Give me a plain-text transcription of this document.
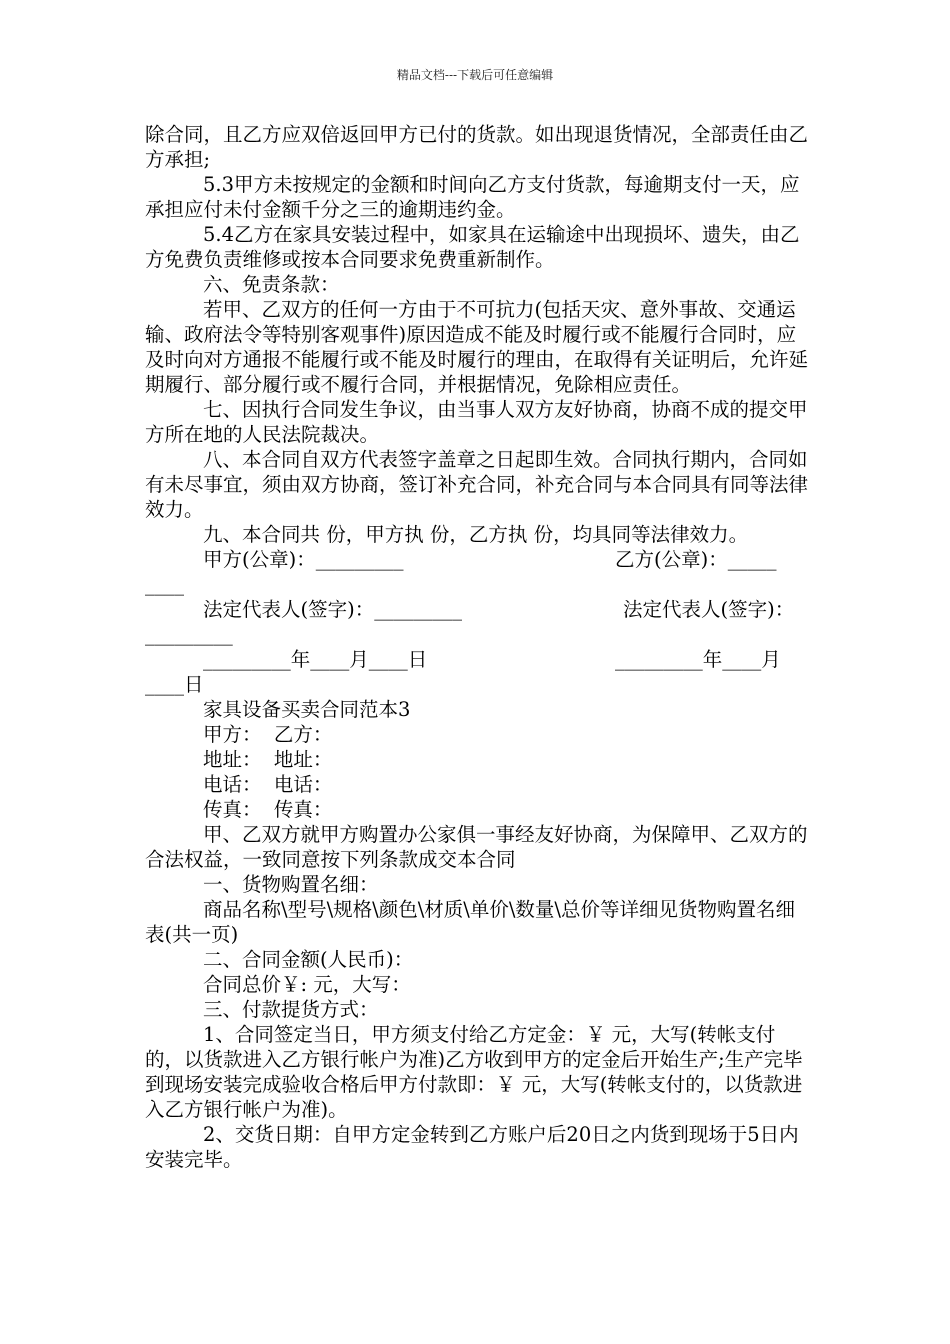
精品文档---下载后可任意编辑

除合同，且乙方应双倍返回甲方已付的货款。如出现退货情况，全部责任由乙方承担;

5.3甲方未按规定的金额和时间向乙方支付货款，每逾期支付一天，应承担应付未付金额千分之三的逾期违约金。

5.4乙方在家具安装过程中，如家具在运输途中出现损坏、遗失，由乙方免费负责维修或按本合同要求免费重新制作。

六、免责条款：

若甲、乙双方的任何一方由于不可抗力(包括天灾、意外事故、交通运输、政府法令等特别客观事件)原因造成不能及时履行或不能履行合同时，应及时向对方通报不能履行或不能及时履行的理由，在取得有关证明后，允许延期履行、部分履行或不履行合同，并根据情况，免除相应责任。

七、因执行合同发生争议，由当事人双方友好协商，协商不成的提交甲方所在地的人民法院裁决。

八、本合同自双方代表签字盖章之日起即生效。合同执行期内，合同如有未尽事宜，须由双方协商，签订补充合同，补充合同与本合同具有同等法律效力。

九、本合同共 份，甲方执 份，乙方执 份，均具同等法律效力。

甲方(公章)：_________

	乙方(公章)：_____

____

法定代表人(签字)：_________

	法定代表人(签字)：

_________

_________年____月____日

	_________年____月

____日

家具设备买卖合同范本3

甲方：  乙方：

地址：  地址：

电话：  电话：

传真：  传真：

甲、乙双方就甲方购置办公家俱一事经友好协商，为保障甲、乙双方的合法权益，一致同意按下列条款成交本合同

一、货物购置名细：

商品名称\型号\规格\颜色\材质\单价\数量\总价等详细见货物购置名细表(共一页)

二、合同金额(人民币)：

合同总价￥: 元，大写：

三、付款提货方式：

1、合同签定当日，甲方须支付给乙方定金：￥ 元，大写(转帐支付的，以货款进入乙方银行帐户为准)乙方收到甲方的定金后开始生产;生产完毕到现场安装完成验收合格后甲方付款即：￥ 元，大写(转帐支付的，以货款进入乙方银行帐户为准)。

2、交货日期：自甲方定金转到乙方账户后20日之内货到现场于5日内安装完毕。
